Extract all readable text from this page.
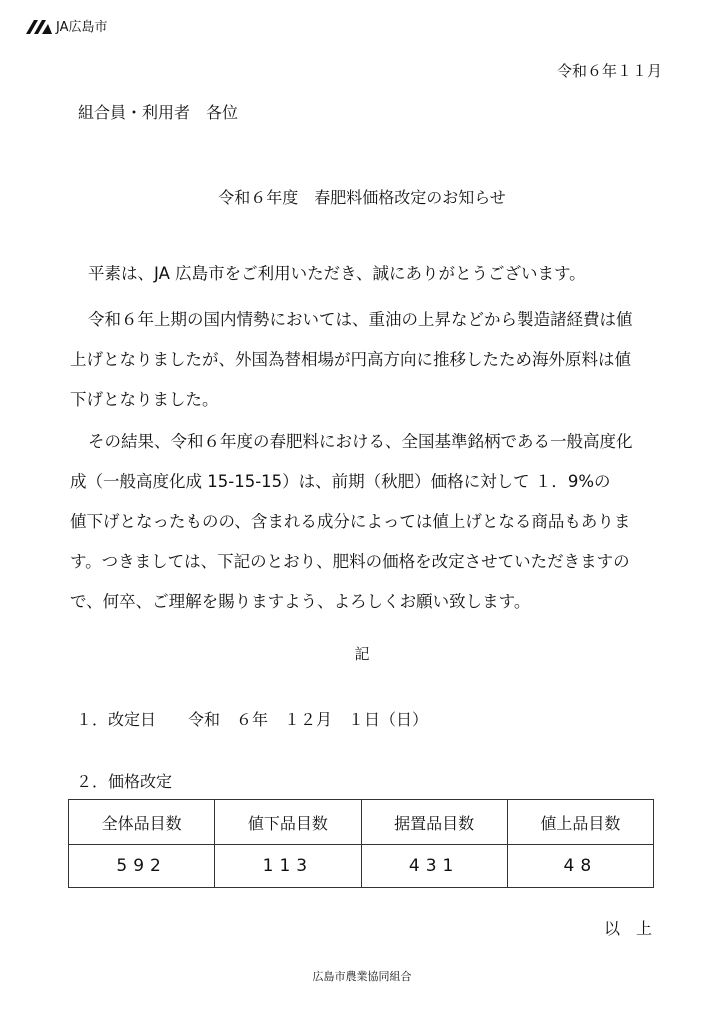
JA広島市
令和６年１１月
組合員・利用者　各位
令和６年度　春肥料価格改定のお知らせ
平素は、JA 広島市をご利用いただき、誠にありがとうございます。
令和６年上期の国内情勢においては、重油の上昇などから製造諸経費は値
上げとなりましたが、外国為替相場が円高方向に推移したため海外原料は値
下げとなりました。
その結果、令和６年度の春肥料における、全国基準銘柄である一般高度化
成（一般高度化成 15-15-15）は、前期（秋肥）価格に対して １．9%の
値下げとなったものの、含まれる成分によっては値上げとなる商品もありま
す。つきましては、下記のとおり、肥料の価格を改定させていただきますの
で、何卒、ご理解を賜りますよう、よろしくお願い致します。
記
１．改定日　　令和　６年　１２月　１日（日）
２．価格改定
全体品目数	値下品目数	据置品目数	値上品目数
592	113	431	48
以　上
広島市農業協同組合
